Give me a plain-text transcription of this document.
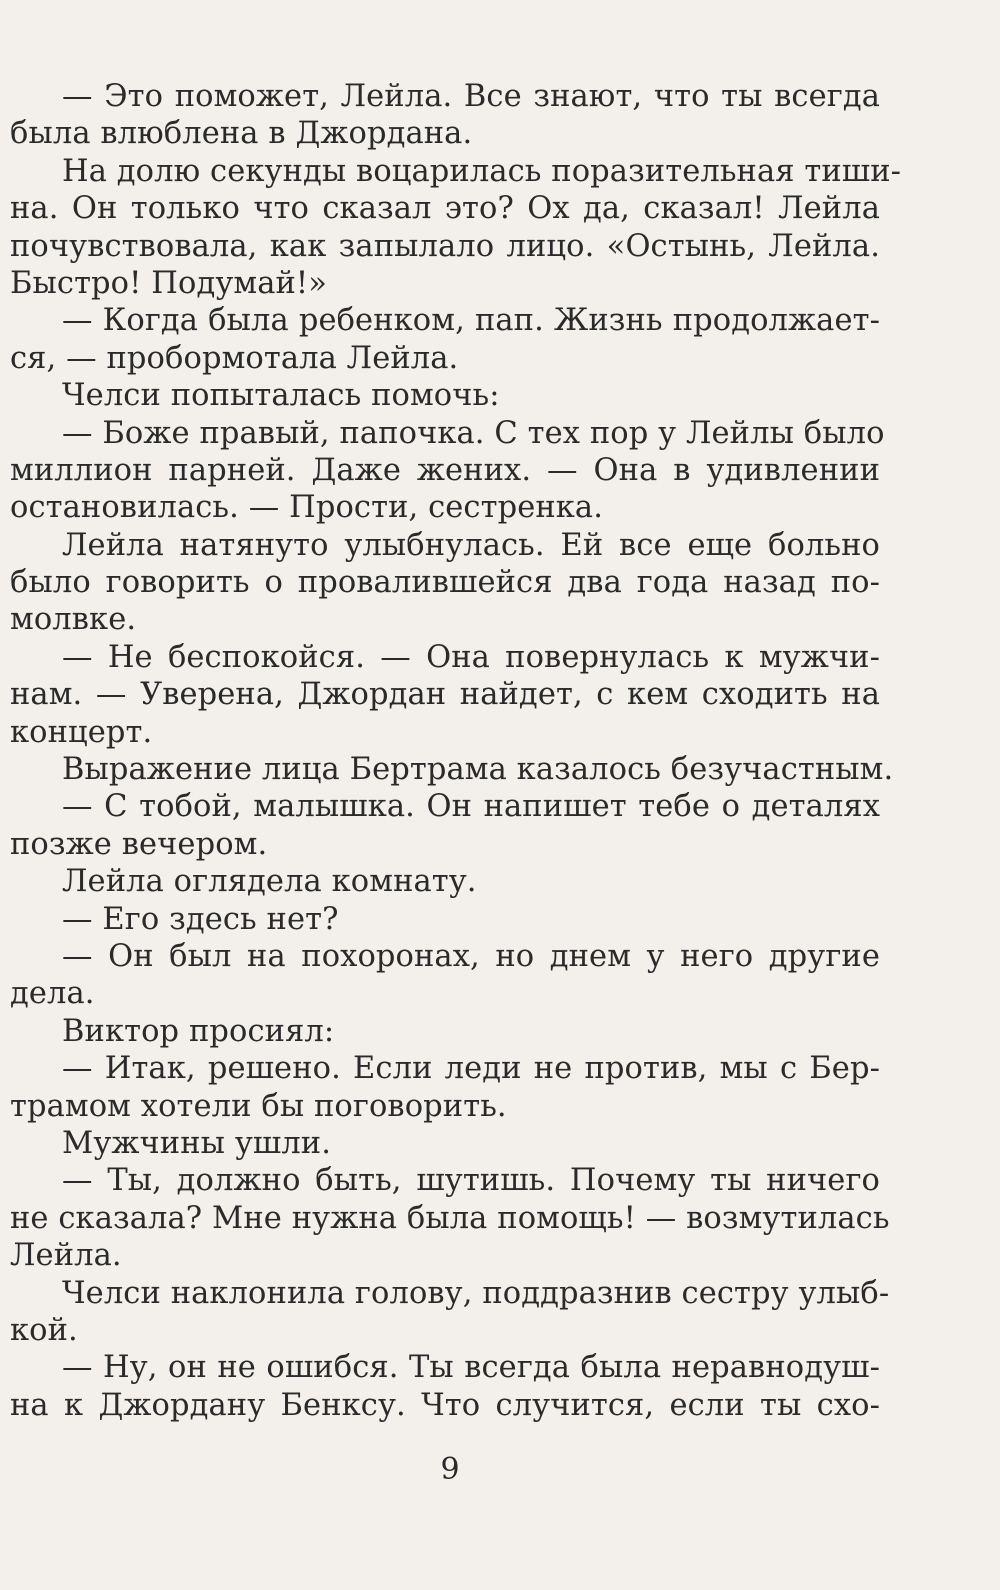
— Это поможет, Лейла. Все знают, что ты всегда
была влюблена в Джордана.
На долю секунды воцарилась поразительная тиши-
на. Он только что сказал это? Ох да, сказал! Лейла
почувствовала, как запылало лицо. «Остынь, Лейла.
Быстро! Подумай!»
— Когда была ребенком, пап. Жизнь продолжает-
ся, — пробормотала Лейла.
Челси попыталась помочь:
— Боже правый, папочка. С тех пор у Лейлы было
миллион парней. Даже жених. — Она в удивлении
остановилась. — Прости, сестренка.
Лейла натянуто улыбнулась. Ей все еще больно
было говорить о провалившейся два года назад по-
молвке.
— Не беспокойся. — Она повернулась к мужчи-
нам. — Уверена, Джордан найдет, с кем сходить на
концерт.
Выражение лица Бертрама казалось безучастным.
— С тобой, малышка. Он напишет тебе о деталях
позже вечером.
Лейла оглядела комнату.
— Его здесь нет?
— Он был на похоронах, но днем у него другие
дела.
Виктор просиял:
— Итак, решено. Если леди не против, мы с Бер-
трамом хотели бы поговорить.
Мужчины ушли.
— Ты, должно быть, шутишь. Почему ты ничего
не сказала? Мне нужна была помощь! — возмутилась
Лейла.
Челси наклонила голову, поддразнив сестру улыб-
кой.
— Ну, он не ошибся. Ты всегда была неравнодуш-
на к Джордану Бенксу. Что случится, если ты схо-
9
